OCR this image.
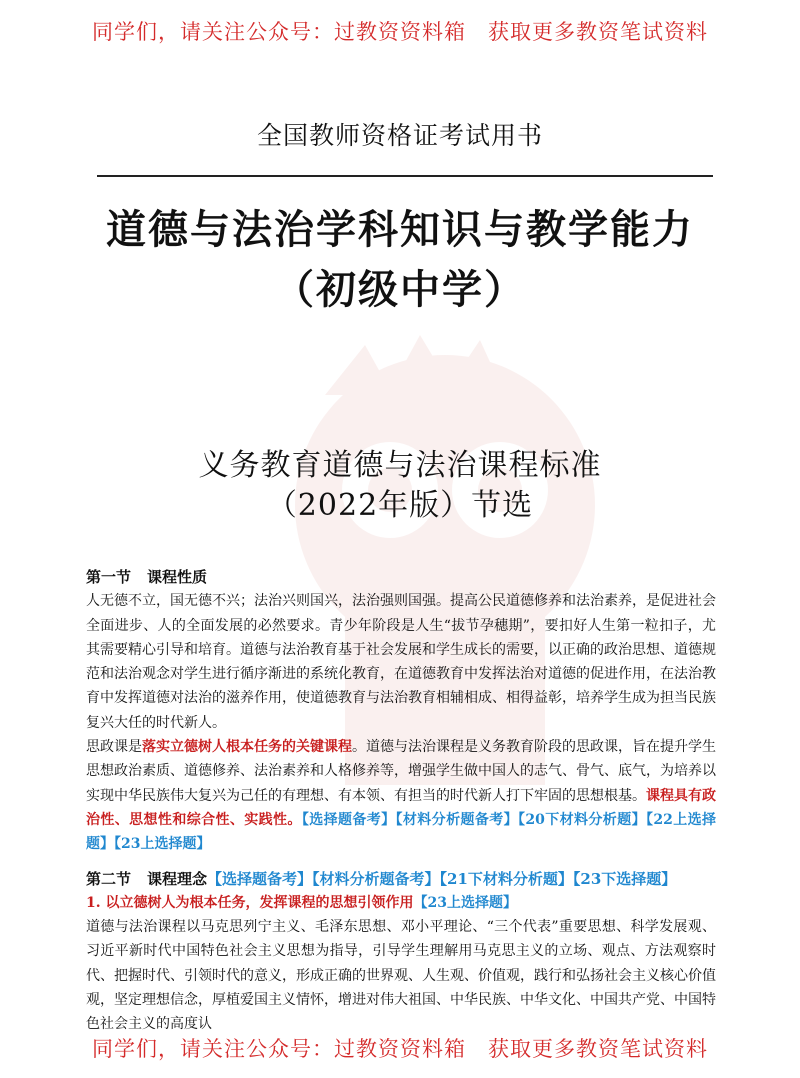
同学们，请关注公众号：过教资资料箱 获取更多教资笔试资料
全国教师资格证考试用书
道德与法治学科知识与教学能力
（初级中学）
义务教育道德与法治课程标准
（2022年版）节选

第一节 课程性质

人无德不立，国无德不兴；法治兴则国兴，法治强则国强。提高公民道德修养和法治素养，是促进社会全面进步、人的全面发展的必然要求。青少年阶段是人生“拔节孕穗期”，要扣好人生第一粒扣子，尤其需要精心引导和培育。道德与法治教育基于社会发展和学生成长的需要，以正确的政治思想、道德规范和法治观念对学生进行循序渐进的系统化教育，在道德教育中发挥法治对道德的促进作用，在法治教育中发挥道德对法治的滋养作用，使道德教育与法治教育相辅相成、相得益彰，培养学生成为担当民族复兴大任的时代新人。

思政课是落实立德树人根本任务的关键课程。道德与法治课程是义务教育阶段的思政课，旨在提升学生思想政治素质、道德修养、法治素养和人格修养等，增强学生做中国人的志气、骨气、底气，为培养以实现中华民族伟大复兴为己任的有理想、有本领、有担当的时代新人打下牢固的思想根基。课程具有政治性、思想性和综合性、实践性。【选择题备考】【材料分析题备考】【20下材料分析题】【22上选择题】【23上选择题】

第二节 课程理念【选择题备考】【材料分析题备考】【21下材料分析题】【23下选择题】

1. 以立德树人为根本任务，发挥课程的思想引领作用【23上选择题】

道德与法治课程以马克思列宁主义、毛泽东思想、邓小平理论、“三个代表”重要思想、科学发展观、习近平新时代中国特色社会主义思想为指导，引导学生理解用马克思主义的立场、观点、方法观察时代、把握时代、引领时代的意义，形成正确的世界观、人生观、价值观，践行和弘扬社会主义核心价值观，坚定理想信念，厚植爱国主义情怀，增进对伟大祖国、中华民族、中华文化、中国共产党、中国特色社会主义的高度认

同学们，请关注公众号：过教资资料箱 获取更多教资笔试资料
